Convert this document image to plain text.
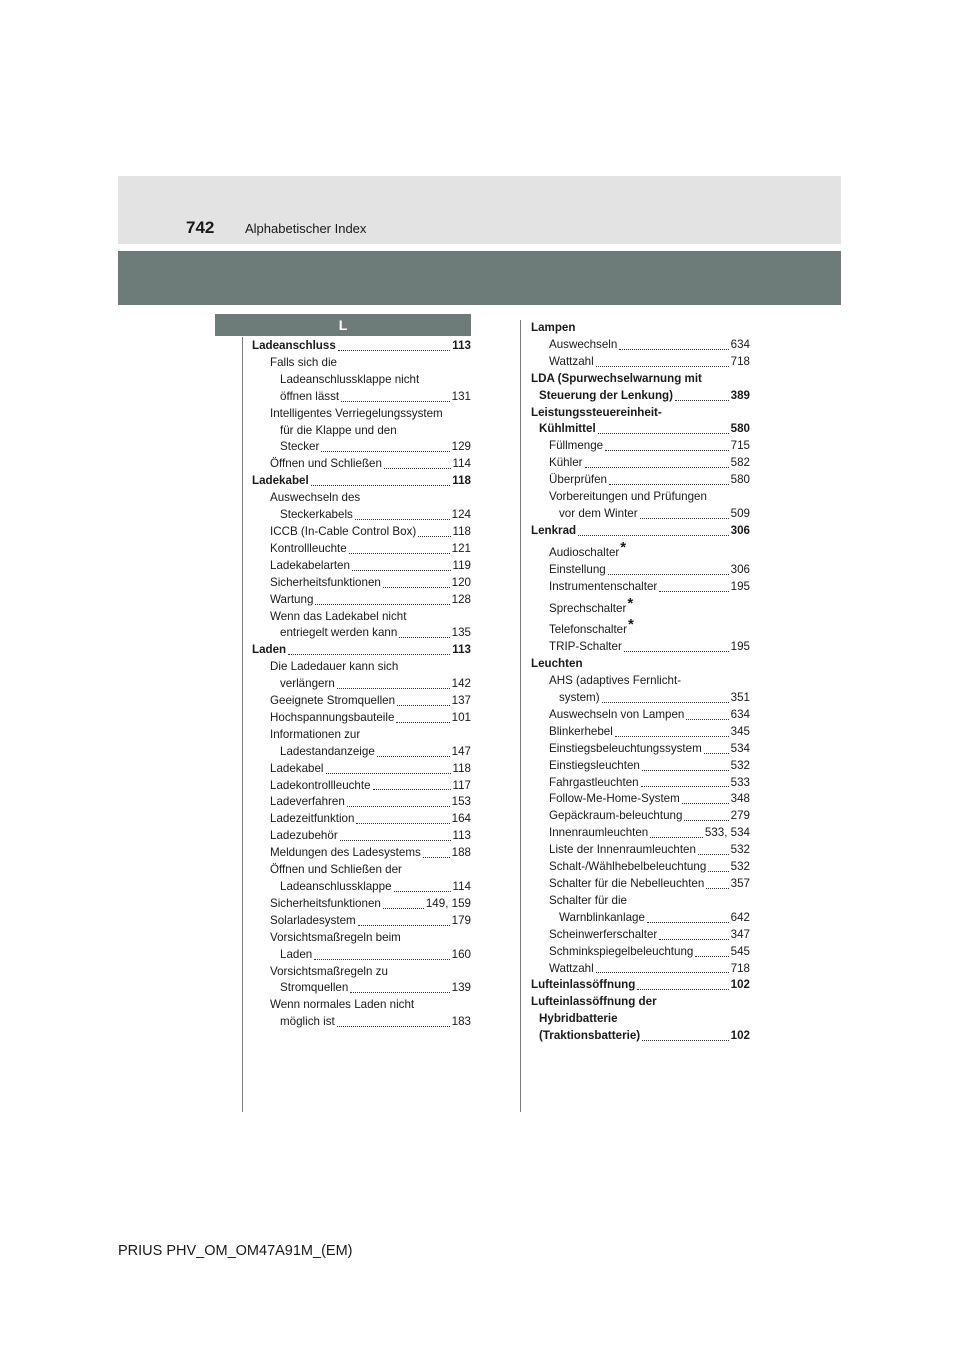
742 Alphabetischer Index
L
Ladeanschluss	113
Falls sich die
Ladeanschlussklappe nicht
öffnen lässt	131
Intelligentes Verriegelungssystem
für die Klappe und den
Stecker	129
Öffnen und Schließen	114
Ladekabel	118
Auswechseln des
Steckerkabels	124
ICCB (In-Cable Control Box)	118
Kontrollleuchte	121
Ladekabelarten	119
Sicherheitsfunktionen	120
Wartung	128
Wenn das Ladekabel nicht
entriegelt werden kann	135
Laden	113
Die Ladedauer kann sich
verlängern	142
Geeignete Stromquellen	137
Hochspannungsbauteile	101
Informationen zur
Ladestandanzeige	147
Ladekabel	118
Ladekontrollleuchte	117
Ladeverfahren	153
Ladezeitfunktion	164
Ladezubehör	113
Meldungen des Ladesystems	188
Öffnen und Schließen der
Ladeanschlussklappe	114
Sicherheitsfunktionen	149, 159
Solarladesystem	179
Vorsichtsmaßregeln beim
Laden	160
Vorsichtsmaßregeln zu
Stromquellen	139
Wenn normales Laden nicht
möglich ist	183
Lampen
Auswechseln	634
Wattzahl	718
LDA (Spurwechselwarnung mit
Steuerung der Lenkung)	389
Leistungssteuereinheit-
Kühlmittel	580
Füllmenge	715
Kühler	582
Überprüfen	580
Vorbereitungen und Prüfungen
vor dem Winter	509
Lenkrad	306
Audioschalter*
Einstellung	306
Instrumentenschalter	195
Sprechschalter*
Telefonschalter*
TRIP-Schalter	195
Leuchten
AHS (adaptives Fernlicht-
system)	351
Auswechseln von Lampen	634
Blinkerhebel	345
Einstiegsbeleuchtungssystem 534
Einstiegsleuchten	532
Fahrgastleuchten	533
Follow-Me-Home-System	348
Gepäckraum-beleuchtung	279
Innenraumleuchten	533, 534
Liste der Innenraumleuchten	532
Schalt-/Wählhebelbeleuchtung 532
Schalter für die Nebelleuchten 357
Schalter für die
Warnblinkanlage	642
Scheinwerferschalter	347
Schminkspiegelbeleuchtung	545
Wattzahl	718
Lufteinlassöffnung	102
Lufteinlassöffnung der
Hybridbatterie
(Traktionsbatterie)	102
PRIUS PHV_OM_OM47A91M_(EM)
